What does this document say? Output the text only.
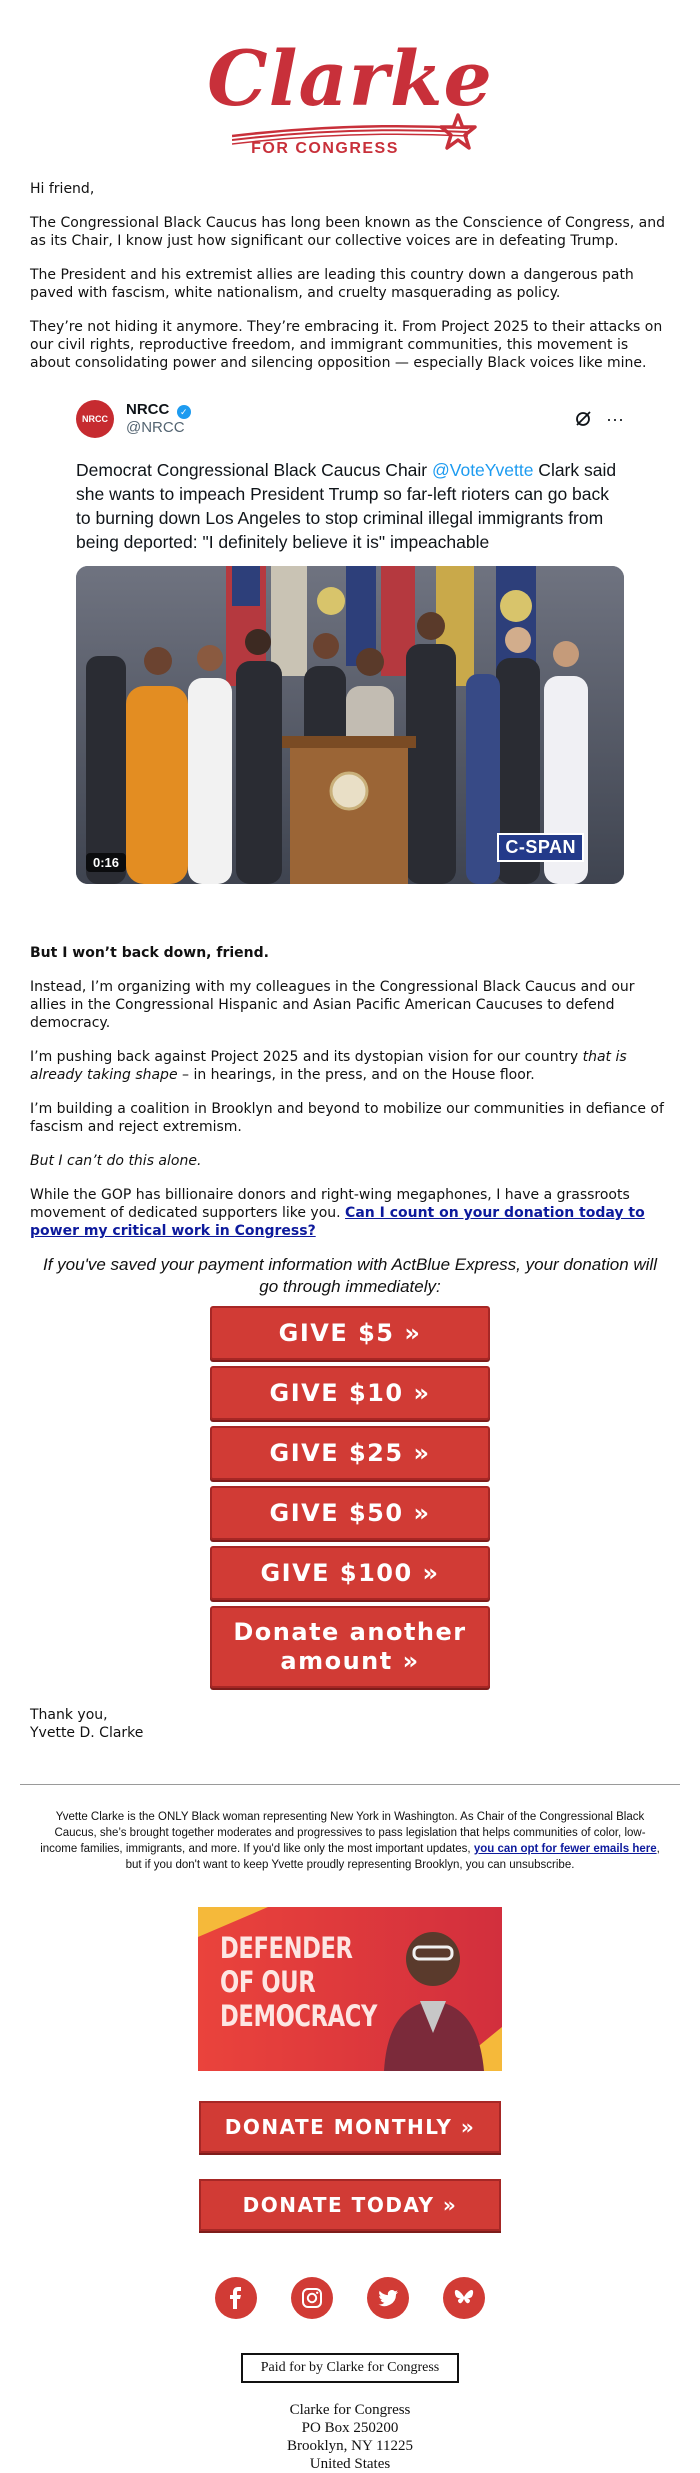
Clarke
FOR CONGRESS

Hi friend,

The Congressional Black Caucus has long been known as the Conscience of Congress, and as its Chair, I know just how significant our collective voices are in defeating Trump.

The President and his extremist allies are leading this country down a dangerous path paved with fascism, white nationalism, and cruelty masquerading as policy.

They’re not hiding it anymore. They’re embracing it. From Project 2025 to their attacks on our civil rights, reproductive freedom, and immigrant communities, this movement is about consolidating power and silencing opposition — especially Black voices like mine.

NRCC
NRCC ✓
@NRCC	···
Democrat Congressional Black Caucus Chair @VoteYvette Clark said she wants to impeach President Trump so far-left rioters can go back to burning down Los Angeles to stop criminal illegal immigrants from being deported: "I definitely believe it is" impeachable
0:16
C-SPAN

But I won’t back down, friend.

Instead, I’m organizing with my colleagues in the Congressional Black Caucus and our allies in the Congressional Hispanic and Asian Pacific American Caucuses to defend democracy.

I’m pushing back against Project 2025 and its dystopian vision for our country that is already taking shape – in hearings, in the press, and on the House floor.

I’m building a coalition in Brooklyn and beyond to mobilize our communities in defiance of fascism and reject extremism.

But I can’t do this alone.

While the GOP has billionaire donors and right-wing megaphones, I have a grassroots movement of dedicated supporters like you. Can I count on your donation today to power my critical work in Congress?

If you've saved your payment information with ActBlue Express, your donation will go through immediately:
GIVE $5 »
GIVE $10 »
GIVE $25 »
GIVE $50 »
GIVE $100 »
Donate another amount »
Thank you,
Yvette D. Clarke
Yvette Clarke is the ONLY Black woman representing New York in Washington. As Chair of the Congressional Black Caucus, she’s brought together moderates and progressives to pass legislation that helps communities of color, low-income families, immigrants, and more. If you'd like only the most important updates, you can opt for fewer emails here, but if you don't want to keep Yvette proudly representing Brooklyn, you can unsubscribe.
DEFENDER
OF OUR
DEMOCRACY
DONATE MONTHLY »
DONATE TODAY »
Paid for by Clarke for Congress
Clarke for Congress
PO Box 250200
Brooklyn, NY 11225
United States
